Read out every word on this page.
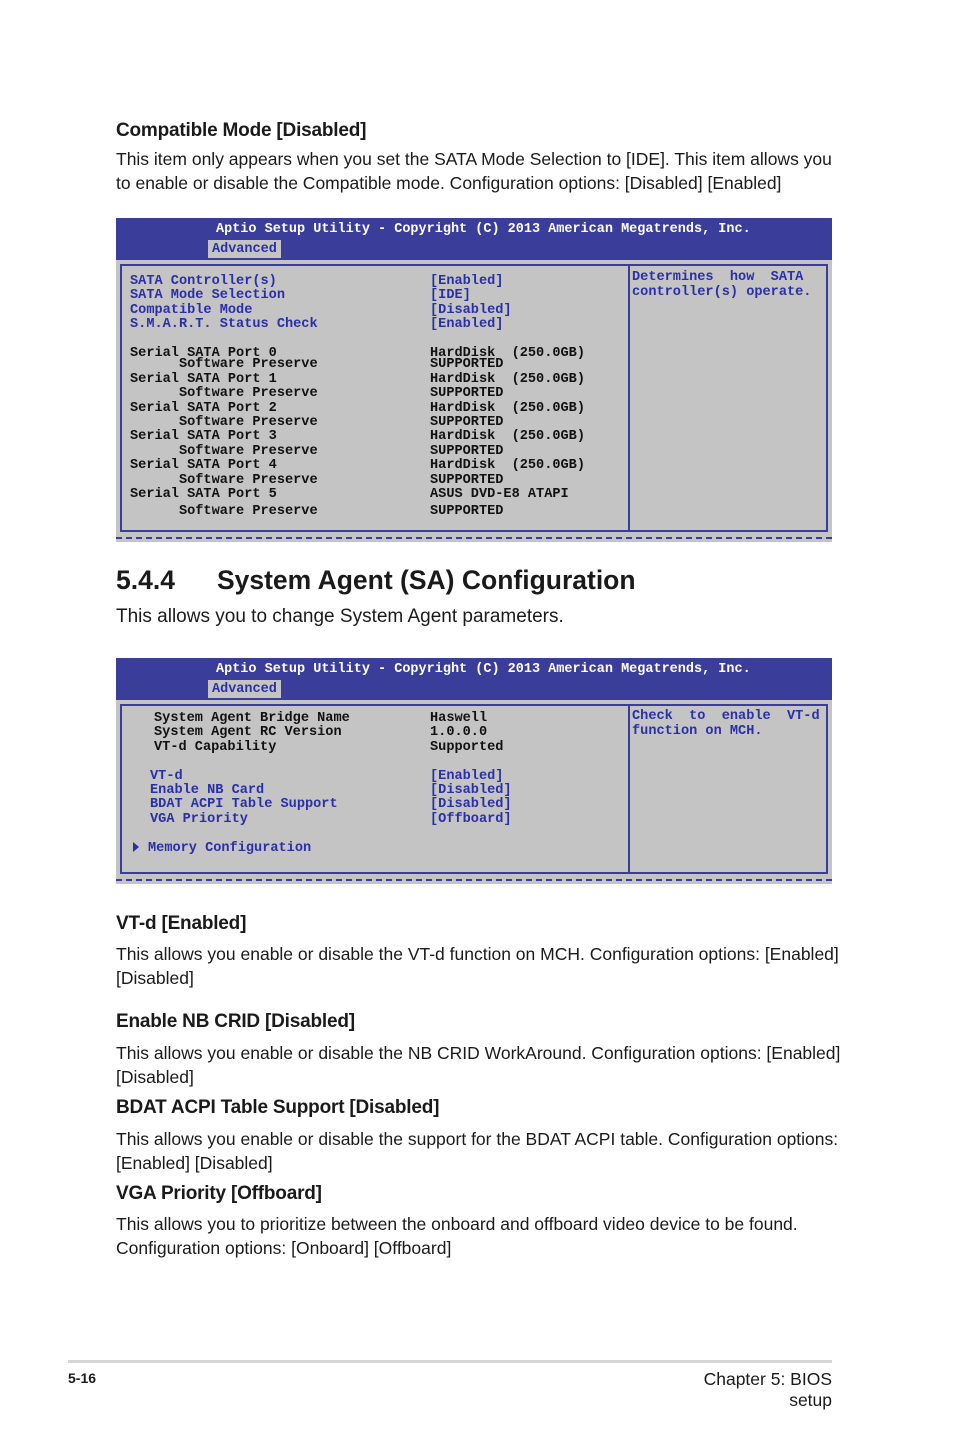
Compatible Mode [Disabled]
This item only appears when you set the SATA Mode Selection to [IDE]. This item allows you
to enable or disable the Compatible mode. Configuration options: [Disabled] [Enabled]
Aptio Setup Utility - Copyright (C) 2013 American Megatrends, Inc.
Advanced
SATA Controller(s)	[Enabled]
SATA Mode Selection	[IDE]
Compatible Mode	[Disabled]
S.M.A.R.T. Status Check	[Enabled]
Serial SATA Port 0	HardDisk  (250.0GB)
Software Preserve	SUPPORTED
Serial SATA Port 1	HardDisk  (250.0GB)
Software Preserve	SUPPORTED
Serial SATA Port 2	HardDisk  (250.0GB)
Software Preserve	SUPPORTED
Serial SATA Port 3	HardDisk  (250.0GB)
Software Preserve	SUPPORTED
Serial SATA Port 4	HardDisk  (250.0GB)
Software Preserve	SUPPORTED
Serial SATA Port 5	ASUS DVD-E8 ATAPI
Software Preserve	SUPPORTED
Determines  how  SATA
controller(s) operate.
5.4.4 System Agent (SA) Configuration
This allows you to change System Agent parameters.
Aptio Setup Utility - Copyright (C) 2013 American Megatrends, Inc.
Advanced
System Agent Bridge Name	Haswell
System Agent RC Version	1.0.0.0
VT-d Capability	Supported
VT-d	[Enabled]
Enable NB Card	[Disabled]
BDAT ACPI Table Support	[Disabled]
VGA Priority	[Offboard]
Memory Configuration
Check  to  enable  VT-d
function on MCH.
VT-d [Enabled]
This allows you enable or disable the VT-d function on MCH. Configuration options: [Enabled]
[Disabled]
Enable NB CRID [Disabled]
This allows you enable or disable the NB CRID WorkAround. Configuration options: [Enabled]
[Disabled]
BDAT ACPI Table Support [Disabled]
This allows you enable or disable the support for the BDAT ACPI table. Configuration options:
[Enabled] [Disabled]
VGA Priority [Offboard]
This allows you to prioritize between the onboard and offboard video device to be found.
Configuration options: [Onboard] [Offboard]
5-16	Chapter 5: BIOS setup
